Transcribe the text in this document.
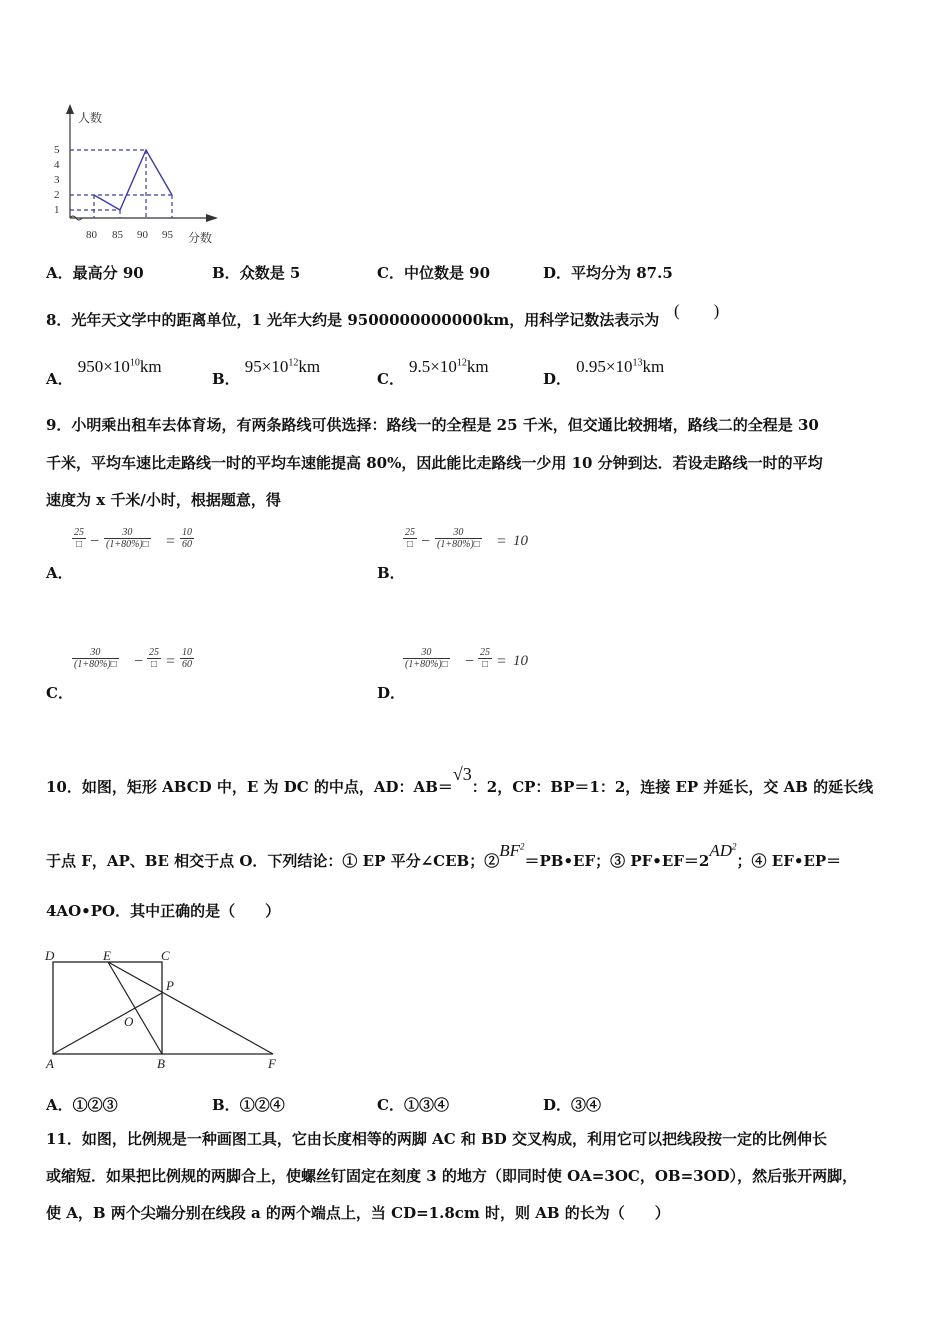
人数
分数
5
4
3
2
1
80 85 90 95
A．最高分 90	B．众数是 5	C．中位数是 90	D．平均分为 87.5
8．光年天文学中的距离单位，1 光年大约是 9500000000000km，用科学记数法表示为 (　　)
A． $950\times 10^{10}km$
B． $95\times 10^{12}km$
C． $9.5\times 10^{12}km$
D． $0.95\times 10^{13}km$
9．小明乘出租车去体育场，有两条路线可供选择：路线一的全程是 25 千米，但交通比较拥堵，路线二的全程是 30
千米，平均车速比走路线一时的平均车速能提高 80%，因此能比走路线一少用 10 分钟到达．若设走路线一时的平均
速度为 x 千米/小时，根据题意，得
25
□ − $\frac{30}{(1+80\%)□} = \frac{10}{60}$
A．
25
□ − $\frac{30}{(1+80\%)□} = 10$
B．
$\frac{30}{(1+80\%)□}$ −
25
□ = $\frac{10}{60}$
C．
$\frac{30}{(1+80\%)□}$ −
25
□ = 10
D．
10．如图，矩形 ABCD 中，E 为 DC 的中点，AD：AB＝√3：2，CP：BP＝1：2，连接 EP 并延长，交 AB 的延长线
于点 F，AP、BE 相交于点 O．下列结论：① EP 平分∠CEB；$②BF^2=PB•EF$；③ $PF•EF=2AD^2$；④ EF•EP＝
4AO•PO．其中正确的是（　　）
D	E	C
P
O
A	B	F
A．①②③	B．①②④	C．①③④	D．③④
11．如图，比例规是一种画图工具，它由长度相等的两脚 AC 和 BD 交叉构成，利用它可以把线段按一定的比例伸长
或缩短．如果把比例规的两脚合上，使螺丝钉固定在刻度 3 的地方（即同时使 OA=3OC，OB=3OD），然后张开两脚，
使 A，B 两个尖端分别在线段 a 的两个端点上，当 CD=1.8cm 时，则 AB 的长为（　　）
